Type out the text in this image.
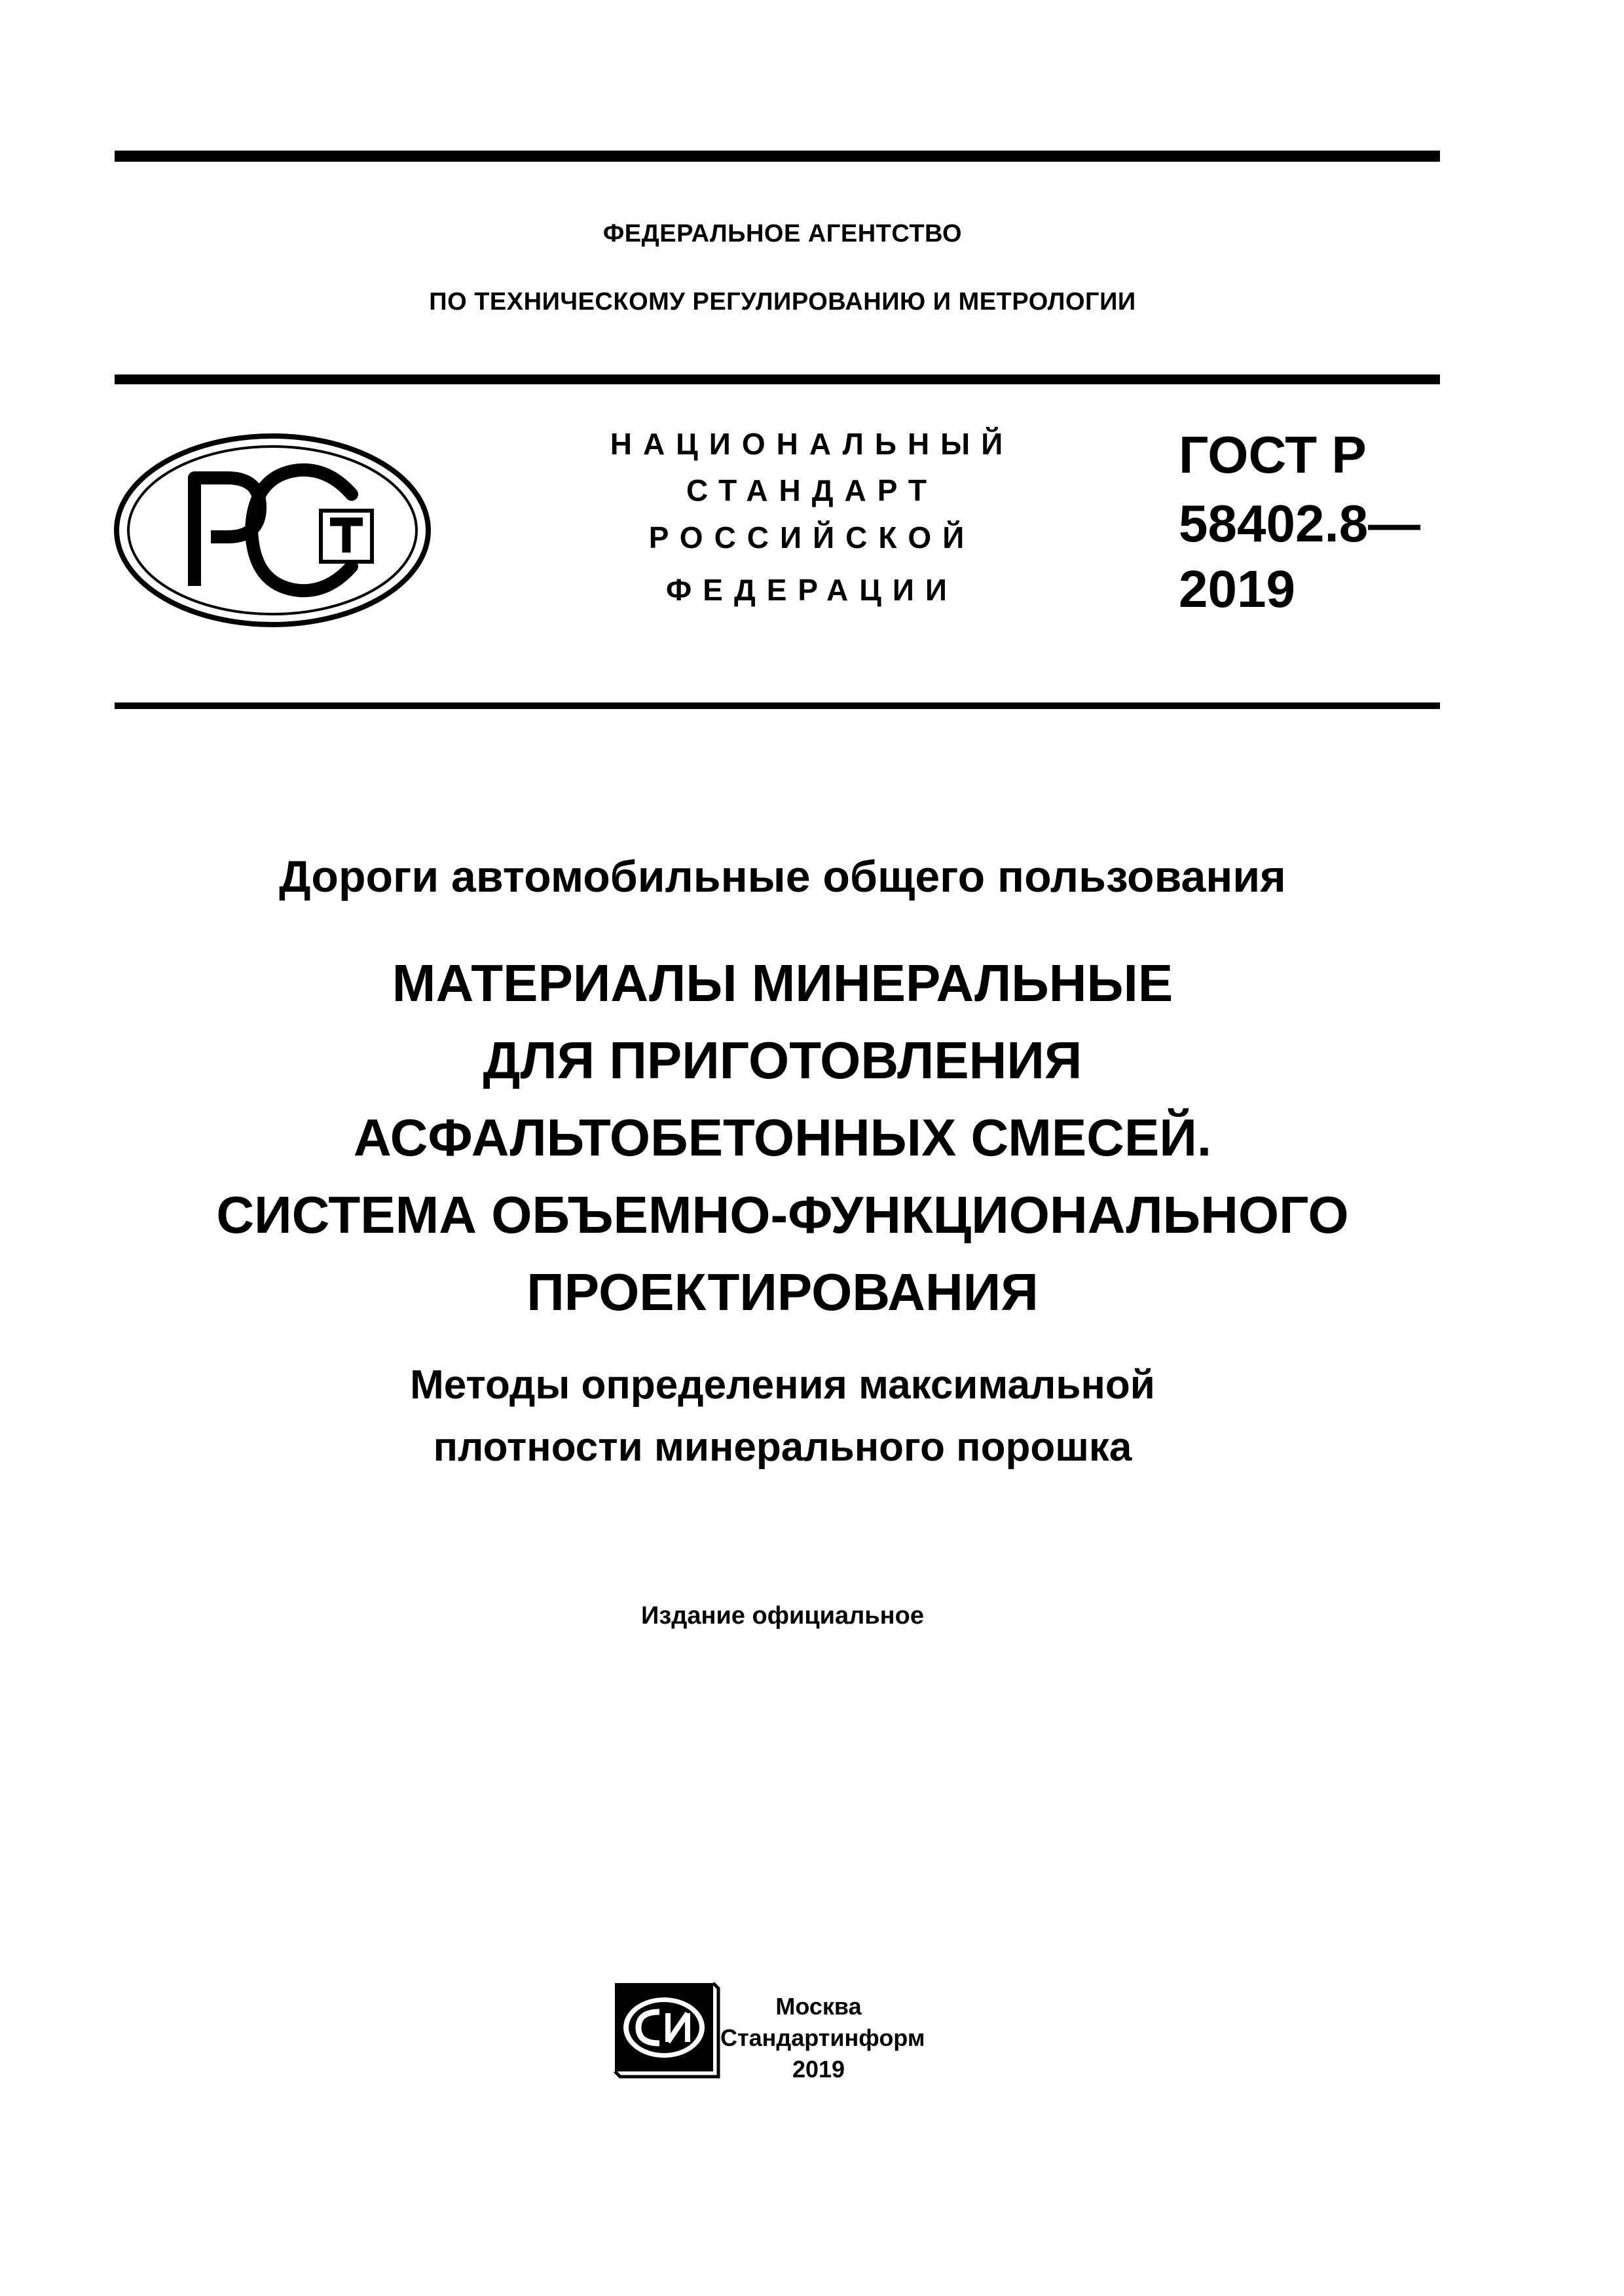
ФЕДЕРАЛЬНОЕ АГЕНТСТВО
ПО ТЕХНИЧЕСКОМУ РЕГУЛИРОВАНИЮ И МЕТРОЛОГИИ
НАЦИОНАЛЬНЫЙ
СТАНДАРТ
РОССИЙСКОЙ
ФЕДЕРАЦИИ
ГОСТ Р
58402.8—
2019
Дороги автомобильные общего пользования
МАТЕРИАЛЫ МИНЕРАЛЬНЫЕ
ДЛЯ ПРИГОТОВЛЕНИЯ
АСФАЛЬТОБЕТОННЫХ СМЕСЕЙ.
СИСТЕМА ОБЪЕМНО-ФУНКЦИОНАЛЬНОГО
ПРОЕКТИРОВАНИЯ
Методы определения максимальной
плотности минерального порошка
Издание официальное
Москва
Стандартинформ
2019
